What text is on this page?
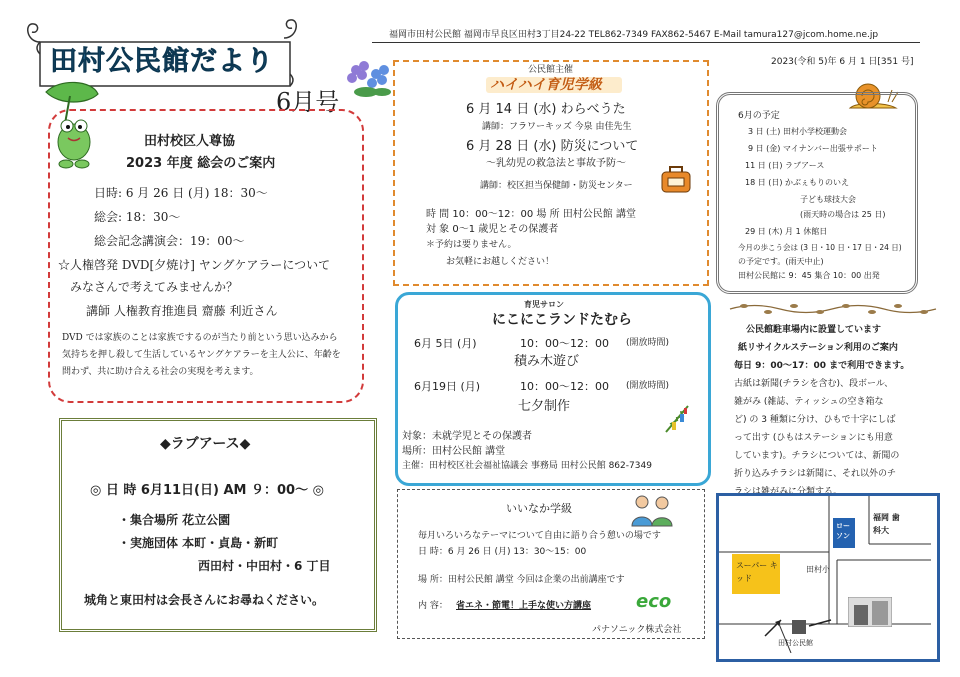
田村公民館だより
6月号
福岡市田村公民館 福岡市早良区田村3丁目24-22 TEL862-7349 FAX862-5467 E-Mail tamura127@jcom.home.ne.jp
2023(令和 5)年 6 月 1 日[351 号]
田村校区人尊協
2023 年度 総会のご案内
日時: 6 月 26 日 (月) 18：30～
総会: 18：30～
総会記念講演会：19：00～
☆人権啓発 DVD[夕焼け] ヤングケアラーについて
みなさんで考えてみませんか？
講師 人権教育推進員 齋藤 利近さん
DVD では家族のことは家族でするのが当たり前という思い込みから
気持ちを押し殺して生活しているヤングケアラーを主人公に、年齢を
問わず、共に助け合える社会の実現を考えます。
◆ラブアース◆
◎ 日 時 6月11日(日) AM ９：00～ ◎
・集合場所 花立公園
・実施団体 本町・貞島・新町
西田村・中田村・6 丁目
城角と東田村は会長さんにお尋ねください。
公民館主催
ハイハイ育児学級
6 月 14 日 (水) わらべうた
講師：フラワーキッズ 今泉 由佳先生
6 月 28 日 (水) 防災について
～乳幼児の救急法と事故予防～
講師：校区担当保健師・防災センター
時 間 10：00～12：00 場 所 田村公民館 講堂
対 象 0～1 歳児とその保護者
＊予約は要りません。
お気軽にお越しください！
育児サロン
にこにこランドたむら
6月 5日 (月)	10：00～12：00 (開放時間)
積み木遊び
6月19日 (月)	10：00～12：00 (開放時間)
七夕制作
対象：未就学児とその保護者
場所：田村公民館 講堂
主催：田村校区社会福祉協議会 事務局 田村公民館 862-7349
6月の予定
3 日 (土) 田村小学校運動会
9 日 (金) マイナンバー出張サポート
11 日 (日) ラブアース
18 日 (日) かぶぇもりのいえ
子ども球技大会
(雨天時の場合は 25 日)
29 日 (木) 月 1 休館日
今月の歩こう会は (3 日・10 日・17 日・24 日)
の予定です。(雨天中止)
田村公民館に 9：45 集合 10：00 出発
公民館駐車場内に設置しています
紙リサイクルステーション利用のご案内
毎日 9：00～17：00 まで利用できます。
古紙は新聞(チラシを含む)、段ボール、
雑がみ (雑誌、ティッシュの空き箱な
ど) の 3 種類に分け、ひもで十字にしば
って出す (ひもはステーションにも用意
しています)。チラシについては、新聞の
折り込みチラシは新聞に、それ以外のチ
ラシは雑がみに分類する。
いいなか学級
毎月いろいろなテーマについて自由に語り合う憩いの場です
日 時：6 月 26 日 (月) 13：30～15：00
場 所：田村公民館 講堂 今回は企業の出前講座です
内 容： 省エネ・節電！上手な使い方講座 eco
パナソニック株式会社
ロー ソン
福岡 歯科大
スーパー キッド
田村小
田村公民館
